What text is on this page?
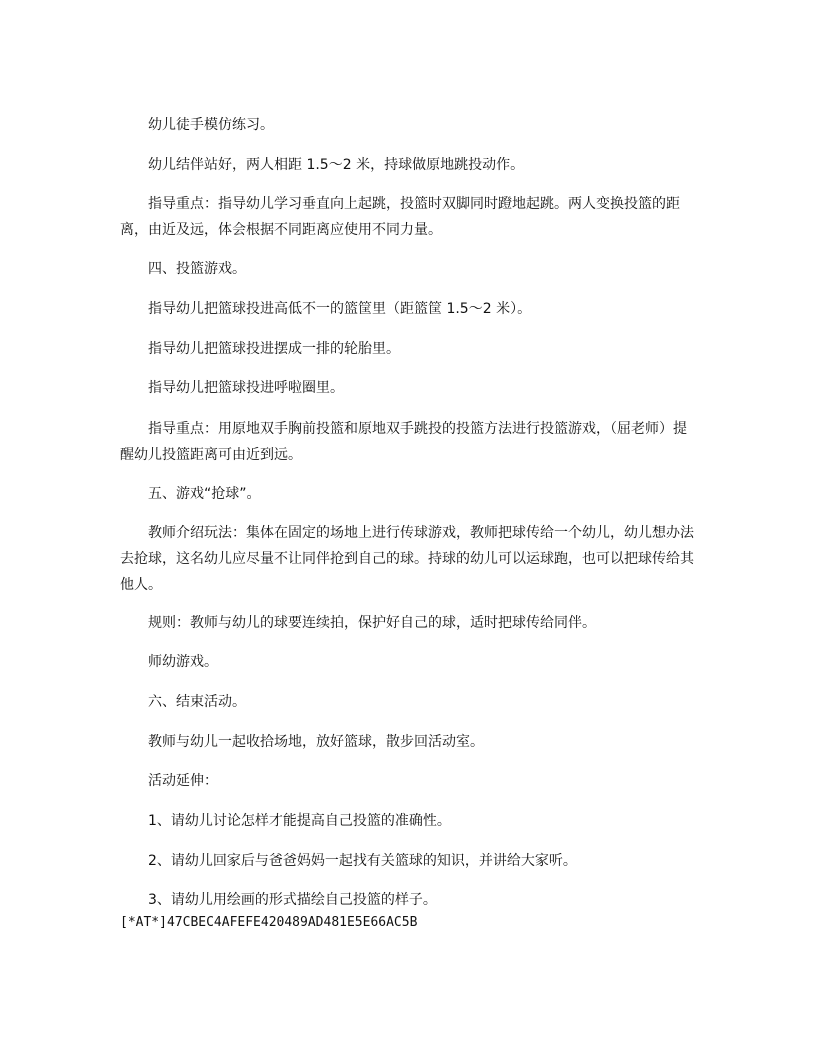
幼儿徒手模仿练习。

幼儿结伴站好，两人相距 1.5～2 米，持球做原地跳投动作。

指导重点：指导幼儿学习垂直向上起跳，投篮时双脚同时蹬地起跳。两人变换投篮的距离，由近及远，体会根据不同距离应使用不同力量。

四、投篮游戏。

指导幼儿把篮球投进高低不一的篮筐里（距篮筐 1.5～2 米）。

指导幼儿把篮球投进摆成一排的轮胎里。

指导幼儿把篮球投进呼啦圈里。

指导重点：用原地双手胸前投篮和原地双手跳投的投篮方法进行投篮游戏，（屈老师）提醒幼儿投篮距离可由近到远。

五、游戏“抢球”。

教师介绍玩法：集体在固定的场地上进行传球游戏，教师把球传给一个幼儿，幼儿想办法去抢球，这名幼儿应尽量不让同伴抢到自己的球。持球的幼儿可以运球跑，也可以把球传给其他人。

规则：教师与幼儿的球要连续拍，保护好自己的球，适时把球传给同伴。

师幼游戏。

六、结束活动。

教师与幼儿一起收拾场地，放好篮球，散步回活动室。

活动延伸：

1、请幼儿讨论怎样才能提高自己投篮的准确性。

2、请幼儿回家后与爸爸妈妈一起找有关篮球的知识，并讲给大家听。

3、请幼儿用绘画的形式描绘自己投篮的样子。

[*AT*]47CBEC4AFEFE420489AD481E5E66AC5B
